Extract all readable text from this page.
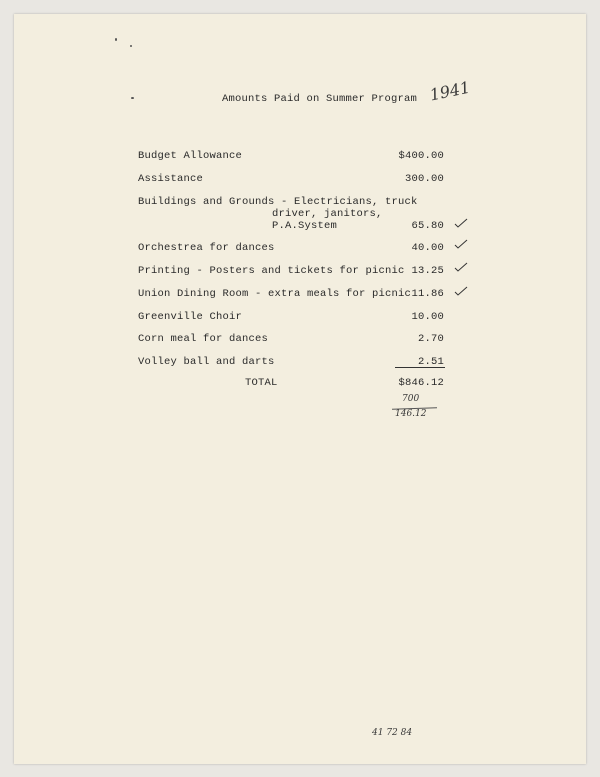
Amounts Paid on Summer Program 1941
Budget Allowance	$400.00
Assistance	300.00
Buildings and Grounds - Electricians, truck
driver, janitors,
P.A.System	65.80
Orchestrea for dances	40.00
Printing - Posters and tickets for picnic 13.25
Union Dining Room - extra meals for picnic 11.86
Greenville Choir	10.00
Corn meal for dances	2.70
Volley ball and darts	2.51
TOTAL	$846.12
700
146.12
41 72 84
